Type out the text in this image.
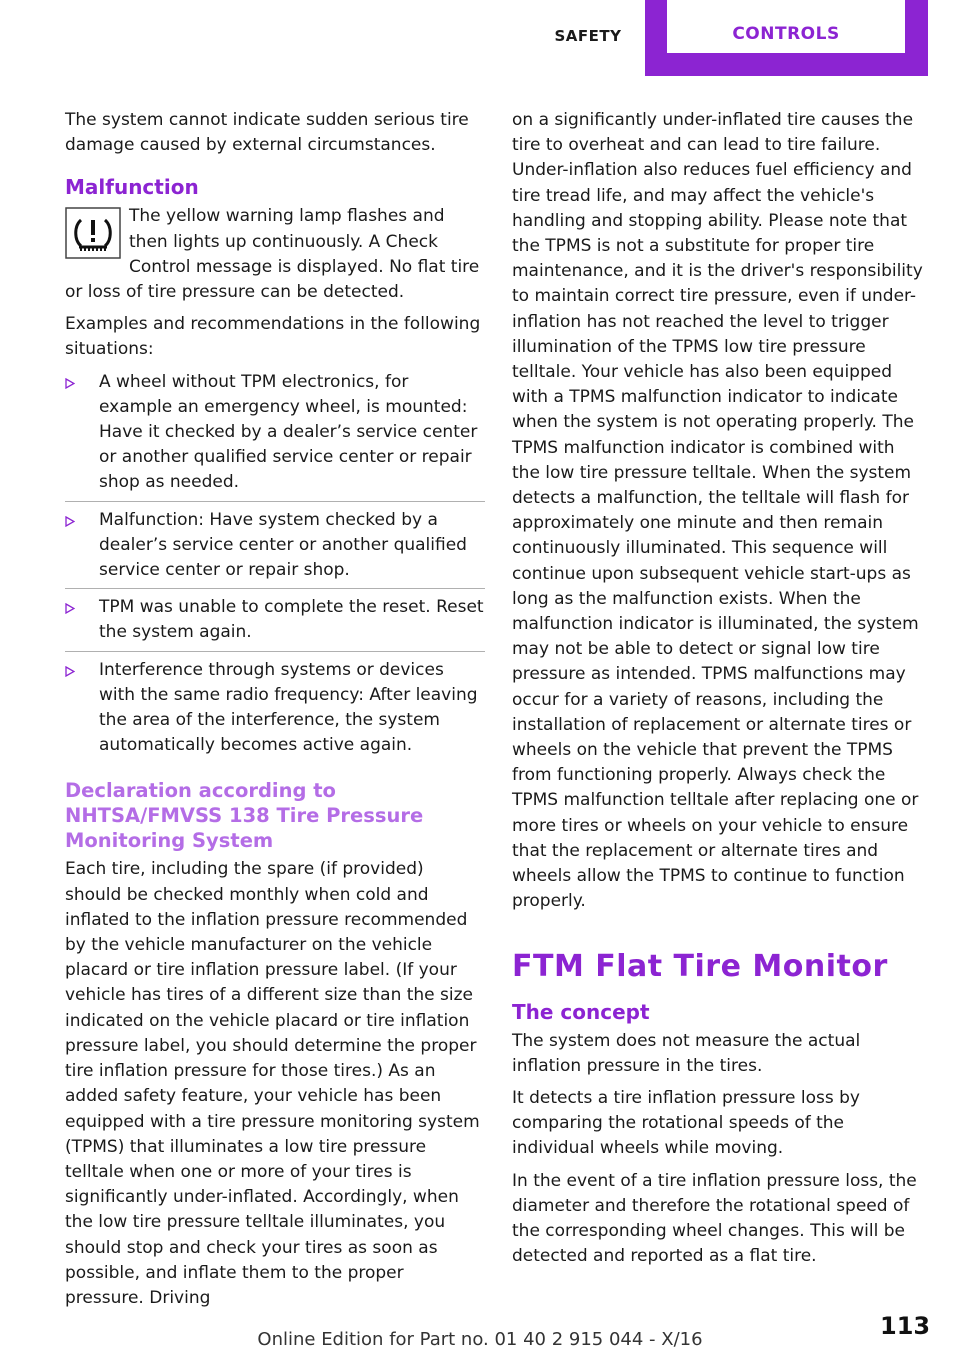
SAFETY	CONTROLS

The system cannot indicate sudden serious tire damage caused by external circumstances.

Malfunction

The yellow warning lamp flashes and then lights up continuously. A Check Control message is displayed. No flat tire or loss of tire pressure can be detected.

Examples and recommendations in the following situations:

A wheel without TPM electronics, for example an emergency wheel, is mounted: Have it checked by a dealer’s service center or another qualified service center or repair shop as needed.
Malfunction: Have system checked by a dealer’s service center or another qualified service center or repair shop.
TPM was unable to complete the reset. Reset the system again.
Interference through systems or devices with the same radio frequency: After leaving the area of the interference, the system automatically becomes active again.
Declaration according to NHTSA/FMVSS 138 Tire Pressure Monitoring System

Each tire, including the spare (if provided) should be checked monthly when cold and inflated to the inflation pressure recommended by the vehicle manufacturer on the vehicle placard or tire inflation pressure label. (If your vehicle has tires of a different size than the size indicated on the vehicle placard or tire inflation pressure label, you should determine the proper tire inflation pressure for those tires.) As an added safety feature, your vehicle has been equipped with a tire pressure monitoring system (TPMS) that illuminates a low tire pressure telltale when one or more of your tires is significantly under-inflated. Accordingly, when the low tire pressure telltale illuminates, you should stop and check your tires as soon as possible, and inflate them to the proper pressure. Driving

on a significantly under-inflated tire causes the tire to overheat and can lead to tire failure. Under-inflation also reduces fuel efficiency and tire tread life, and may affect the vehicle's handling and stopping ability. Please note that the TPMS is not a substitute for proper tire maintenance, and it is the driver's responsibility to maintain correct tire pressure, even if under-inflation has not reached the level to trigger illumination of the TPMS low tire pressure telltale. Your vehicle has also been equipped with a TPMS malfunction indicator to indicate when the system is not operating properly. The TPMS malfunction indicator is combined with the low tire pressure telltale. When the system detects a malfunction, the telltale will flash for approximately one minute and then remain continuously illuminated. This sequence will continue upon subsequent vehicle start-ups as long as the malfunction exists. When the malfunction indicator is illuminated, the system may not be able to detect or signal low tire pressure as intended. TPMS malfunctions may occur for a variety of reasons, including the installation of replacement or alternate tires or wheels on the vehicle that prevent the TPMS from functioning properly. Always check the TPMS malfunction telltale after replacing one or more tires or wheels on your vehicle to ensure that the replacement or alternate tires and wheels allow the TPMS to continue to function properly.

FTM Flat Tire Monitor
The concept

The system does not measure the actual inflation pressure in the tires.

It detects a tire inflation pressure loss by comparing the rotational speeds of the individual wheels while moving.

In the event of a tire inflation pressure loss, the diameter and therefore the rotational speed of the corresponding wheel changes. This will be detected and reported as a flat tire.

Online Edition for Part no. 01 40 2 915 044 - X/16	113
